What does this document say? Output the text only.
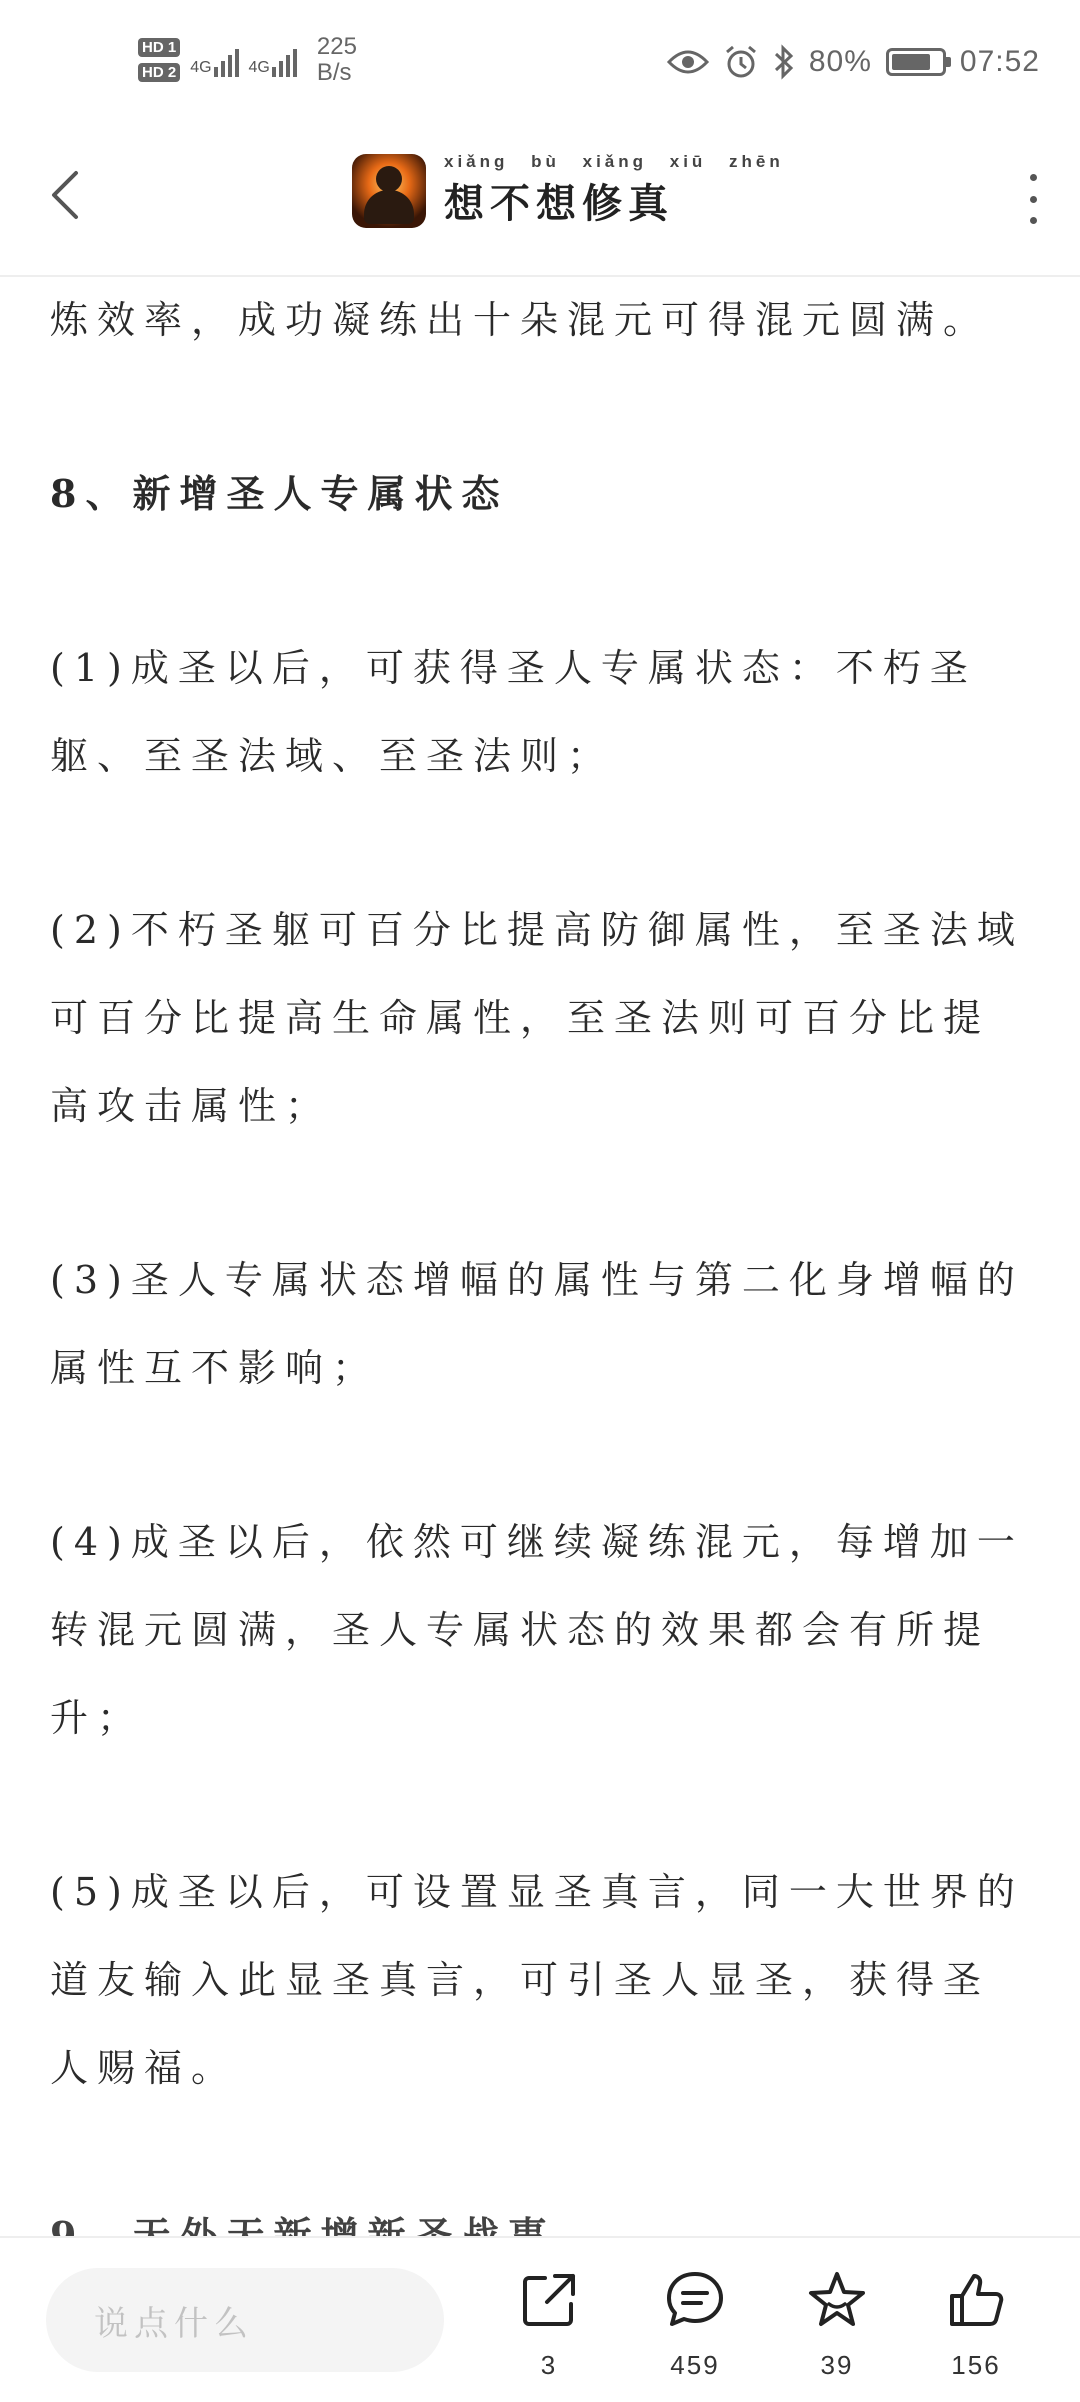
HD 1
HD 2 4G 4G
225
B/s	80%	07:52
xiǎng bù xiǎng xiū zhēn
想不想修真
炼效率，成功凝练出十朵混元可得混元圆满。
8、新增圣人专属状态
(1)成圣以后，可获得圣人专属状态：不朽圣
躯、至圣法域、至圣法则；
(2)不朽圣躯可百分比提高防御属性，至圣法域
可百分比提高生命属性，至圣法则可百分比提
高攻击属性；
(3)圣人专属状态增幅的属性与第二化身增幅的
属性互不影响；
(4)成圣以后，依然可继续凝练混元，每增加一
转混元圆满，圣人专属状态的效果都会有所提
升；
(5)成圣以后，可设置显圣真言，同一大世界的
道友输入此显圣真言，可引圣人显圣，获得圣
人赐福。
说点什么
3	459	39	156
